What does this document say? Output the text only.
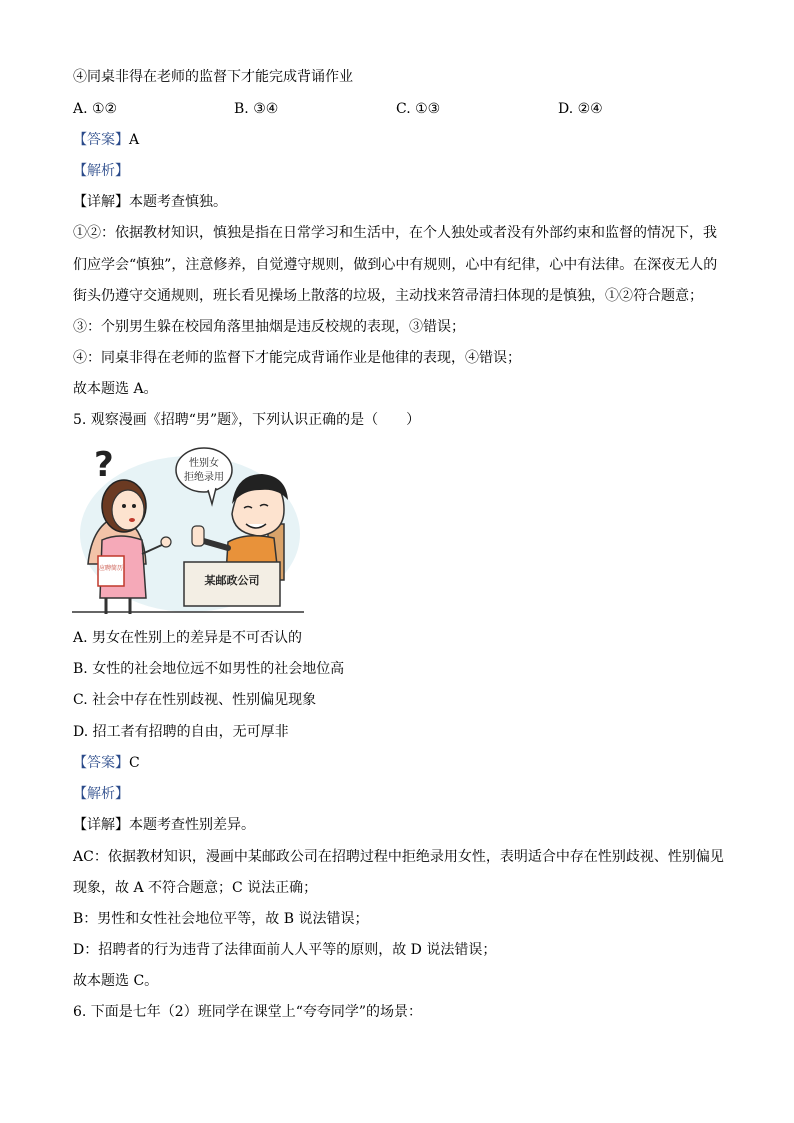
④同桌非得在老师的监督下才能完成背诵作业
A. ①②	B. ③④	C. ①③	D. ②④
【答案】A
【解析】
【详解】本题考查慎独。
①②：依据教材知识，慎独是指在日常学习和生活中，在个人独处或者没有外部约束和监督的情况下，我
们应学会“慎独”，注意修养，自觉遵守规则，做到心中有规则，心中有纪律，心中有法律。在深夜无人的
街头仍遵守交通规则，班长看见操场上散落的垃圾，主动找来笤帚清扫体现的是慎独，①②符合题意；
③：个别男生躲在校园角落里抽烟是违反校规的表现，③错误；
④：同桌非得在老师的监督下才能完成背诵作业是他律的表现，④错误；
故本题选 A。
5. 观察漫画《招聘“男”题》，下列认识正确的是（　　）
?
应聘简历
性别女
拒绝录用
某邮政公司
A. 男女在性别上的差异是不可否认的
B. 女性的社会地位远不如男性的社会地位高
C. 社会中存在性别歧视、性别偏见现象
D. 招工者有招聘的自由，无可厚非
【答案】C
【解析】
【详解】本题考查性别差异。
AC：依据教材知识，漫画中某邮政公司在招聘过程中拒绝录用女性，表明适合中存在性别歧视、性别偏见
现象，故 A 不符合题意；C 说法正确；
B：男性和女性社会地位平等，故 B 说法错误；
D：招聘者的行为违背了法律面前人人平等的原则，故 D 说法错误；
故本题选 C。
6. 下面是七年（2）班同学在课堂上“夸夸同学”的场景：
